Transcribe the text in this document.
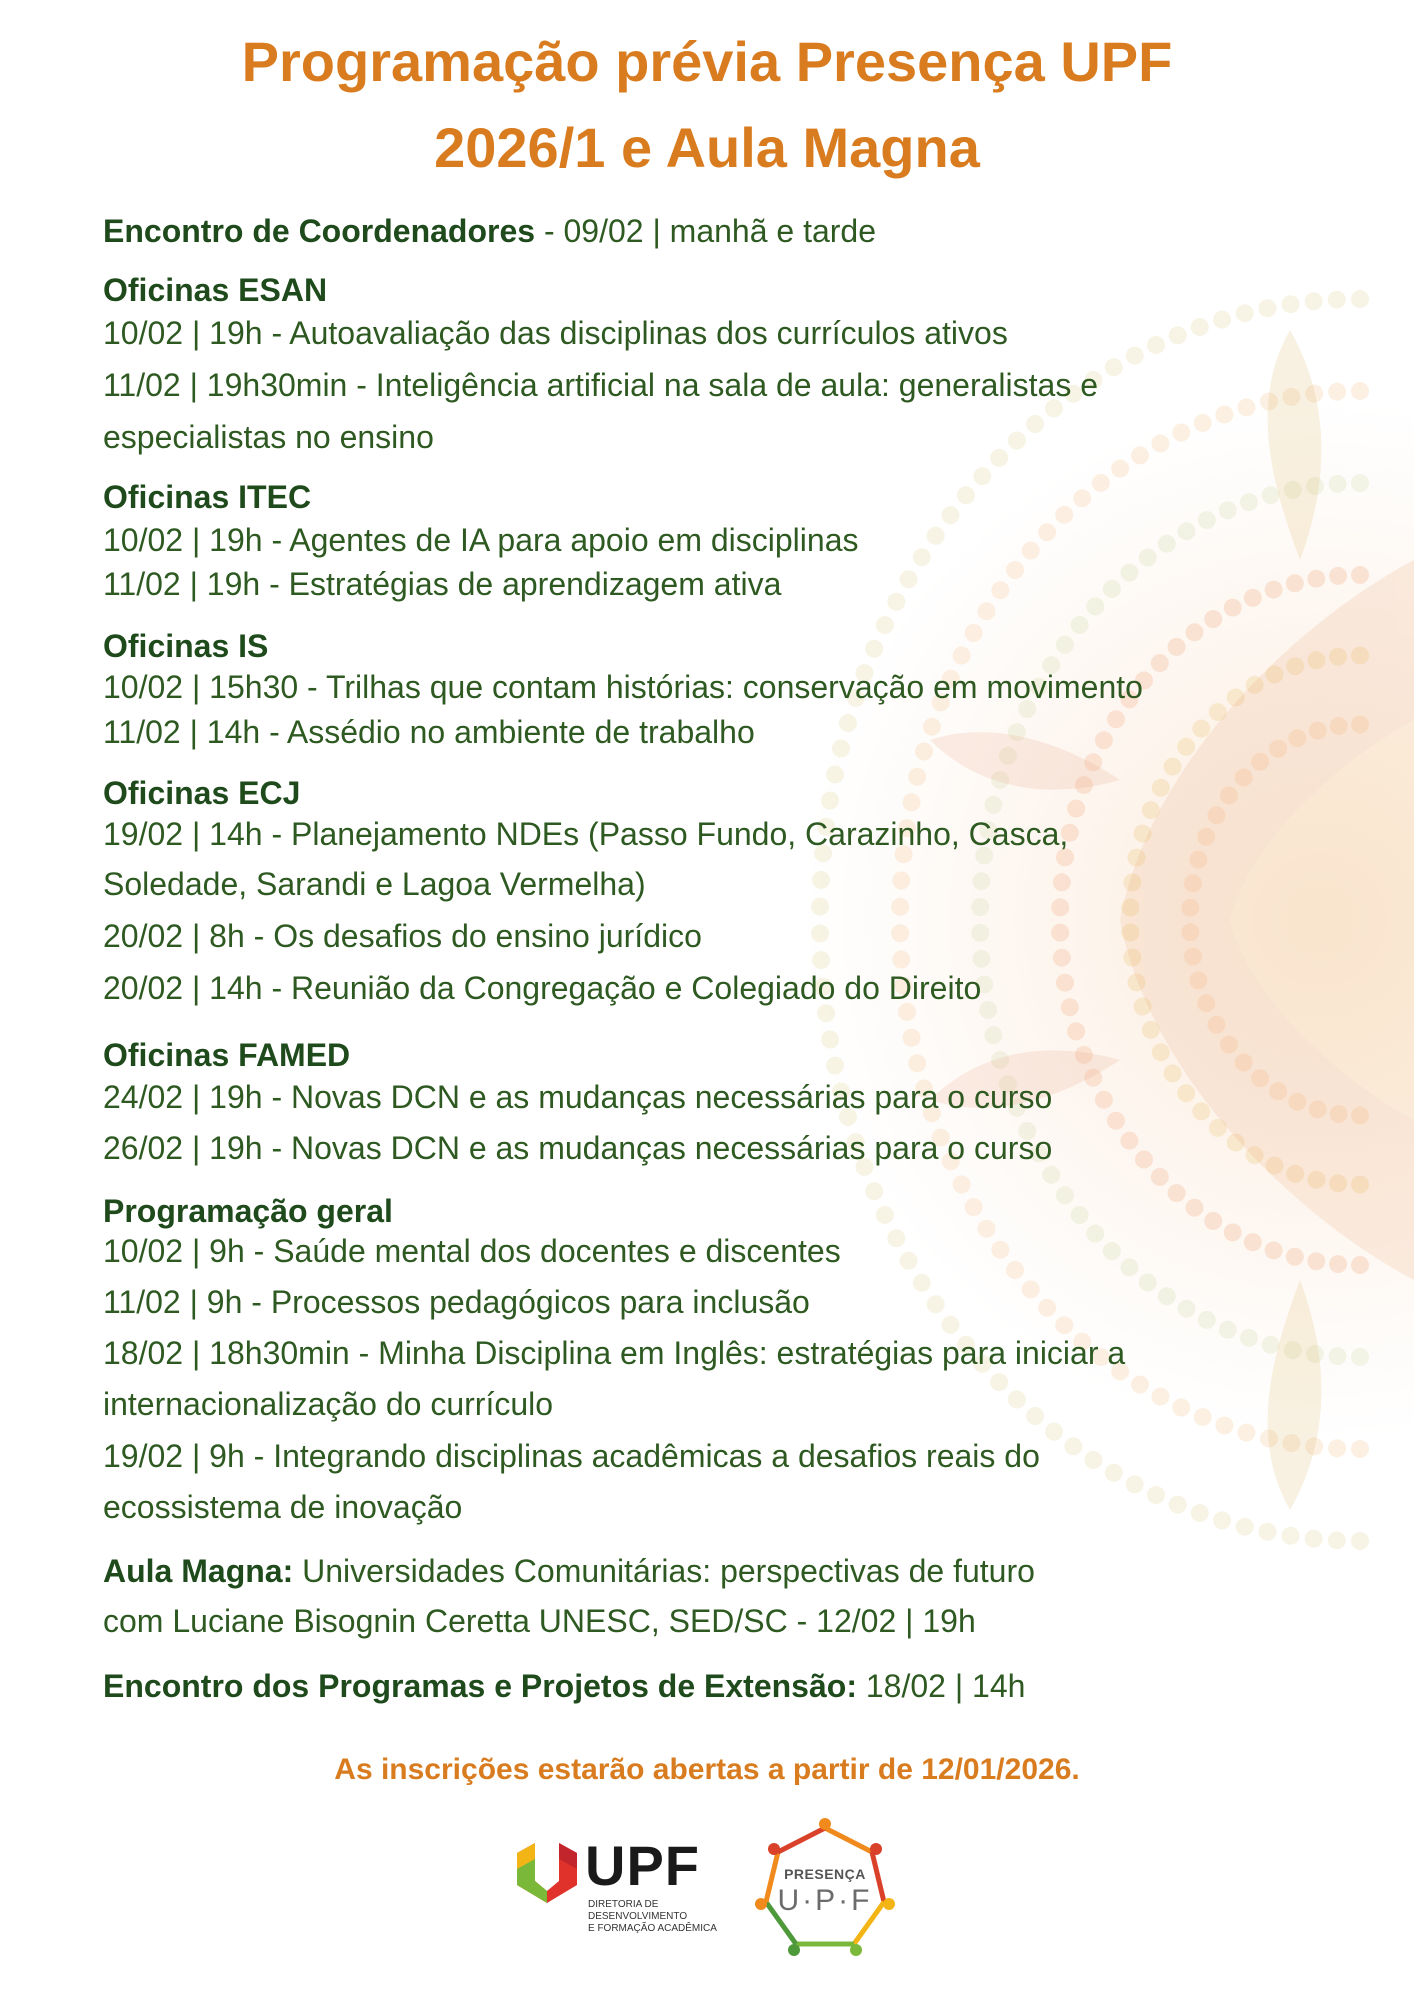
Programação prévia Presença UPF
2026/1 e Aula Magna
Encontro de Coordenadores - 09/02 | manhã e tarde
Oficinas ESAN
10/02 | 19h - Autoavaliação das disciplinas dos currículos ativos
11/02 | 19h30min - Inteligência artificial na sala de aula: generalistas e
especialistas no ensino
Oficinas ITEC
10/02 | 19h - Agentes de IA para apoio em disciplinas
11/02 | 19h - Estratégias de aprendizagem ativa
Oficinas IS
10/02 | 15h30 - Trilhas que contam histórias: conservação em movimento
11/02 | 14h - Assédio no ambiente de trabalho
Oficinas ECJ
19/02 | 14h - Planejamento NDEs (Passo Fundo, Carazinho, Casca,
Soledade, Sarandi e Lagoa Vermelha)
20/02 | 8h - Os desafios do ensino jurídico
20/02 | 14h - Reunião da Congregação e Colegiado do Direito
Oficinas FAMED
24/02 | 19h - Novas DCN e as mudanças necessárias para o curso
26/02 | 19h - Novas DCN e as mudanças necessárias para o curso
Programação geral
10/02 | 9h - Saúde mental dos docentes e discentes
11/02 | 9h - Processos pedagógicos para inclusão
18/02 | 18h30min - Minha Disciplina em Inglês: estratégias para iniciar a
internacionalização do currículo
19/02 | 9h - Integrando disciplinas acadêmicas a desafios reais do
ecossistema de inovação
Aula Magna: Universidades Comunitárias: perspectivas de futuro
com Luciane Bisognin Ceretta UNESC, SED/SC - 12/02 | 19h
Encontro dos Programas e Projetos de Extensão: 18/02 | 14h
As inscrições estarão abertas a partir de 12/01/2026.
UPF
DIRETORIA DE
DESENVOLVIMENTO
E FORMAÇÃO ACADÊMICA
PRESENÇA
U·P·F
